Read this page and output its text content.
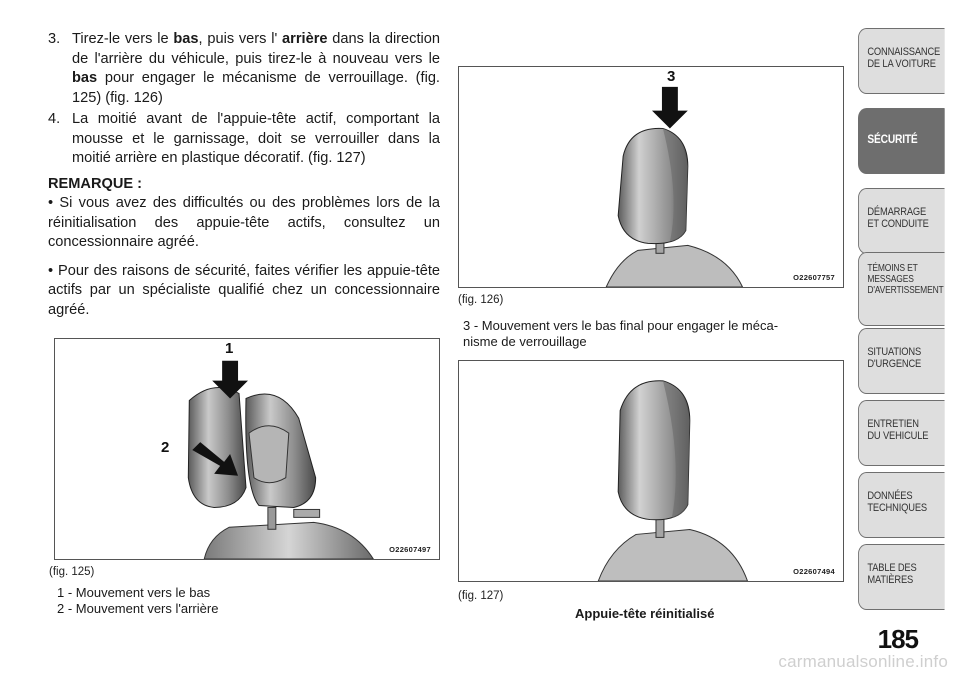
3. Tirez-le vers le bas, puis vers l' arrière dans la direction de l'arrière du véhicule, puis tirez-le à nouveau vers le bas pour engager le mécanisme de verrouillage. (fig. 125) (fig. 126)
4. La moitié avant de l'appuie-tête actif, comportant la mousse et le garnissage, doit se verrouiller dans la moitié arrière en plastique décoratif. (fig. 127)
REMARQUE :
• Si vous avez des difficultés ou des problèmes lors de la réinitialisation des appuie-tête actifs, consultez un concessionnaire agréé.
• Pour des raisons de sécurité, faites vérifier les appuie-tête actifs par un spécialiste qualifié chez un concessionnaire agréé.
1
2
O22607497
(fig. 125)
1 - Mouvement vers le bas
2 - Mouvement vers l'arrière
3
O22607757
(fig. 126)
3 - Mouvement vers le bas final pour engager le méca-
nisme de verrouillage
O22607494
(fig. 127)
Appuie-tête réinitialisé
CONNAISSANCE
DE LA VOITURE
SÉCURITÉ
DÉMARRAGE
ET CONDUITE
TÉMOINS ET
MESSAGES
D'AVERTISSEMENT
SITUATIONS
D'URGENCE
ENTRETIEN
DU VEHICULE
DONNÉES
TECHNIQUES
TABLE DES
MATIÈRES
185
carmanualsonline.info
